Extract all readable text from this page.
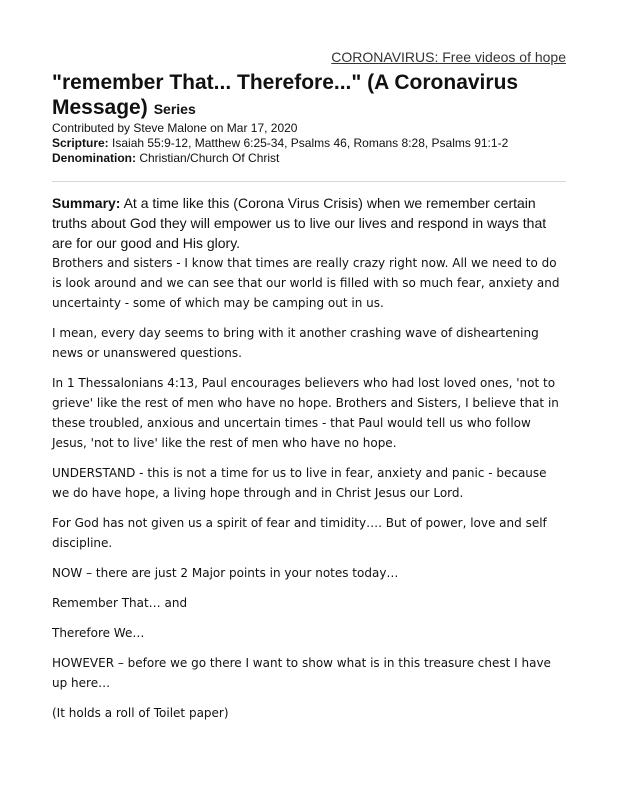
CORONAVIRUS: Free videos of hope
"remember That... Therefore..." (A Coronavirus Message) Series
Contributed by Steve Malone on Mar 17, 2020
Scripture: Isaiah 55:9-12, Matthew 6:25-34, Psalms 46, Romans 8:28, Psalms 91:1-2
Denomination: Christian/Church Of Christ

Summary: At a time like this (Corona Virus Crisis) when we remember certain truths about God they will empower us to live our lives and respond in ways that are for our good and His glory.

Brothers and sisters - I know that times are really crazy right now. All we need to do is look around and we can see that our world is filled with so much fear, anxiety and uncertainty - some of which may be camping out in us.

I mean, every day seems to bring with it another crashing wave of disheartening news or unanswered questions.

In 1 Thessalonians 4:13, Paul encourages believers who had lost loved ones, 'not to grieve' like the rest of men who have no hope. Brothers and Sisters, I believe that in these troubled, anxious and uncertain times - that Paul would tell us who follow Jesus, 'not to live' like the rest of men who have no hope.

UNDERSTAND - this is not a time for us to live in fear, anxiety and panic - because we do have hope, a living hope through and in Christ Jesus our Lord.

For God has not given us a spirit of fear and timidity…. But of power, love and self discipline.

NOW – there are just 2 Major points in your notes today…

Remember That… and

Therefore We…

HOWEVER – before we go there I want to show what is in this treasure chest I have up here…

(It holds a roll of Toilet paper)
